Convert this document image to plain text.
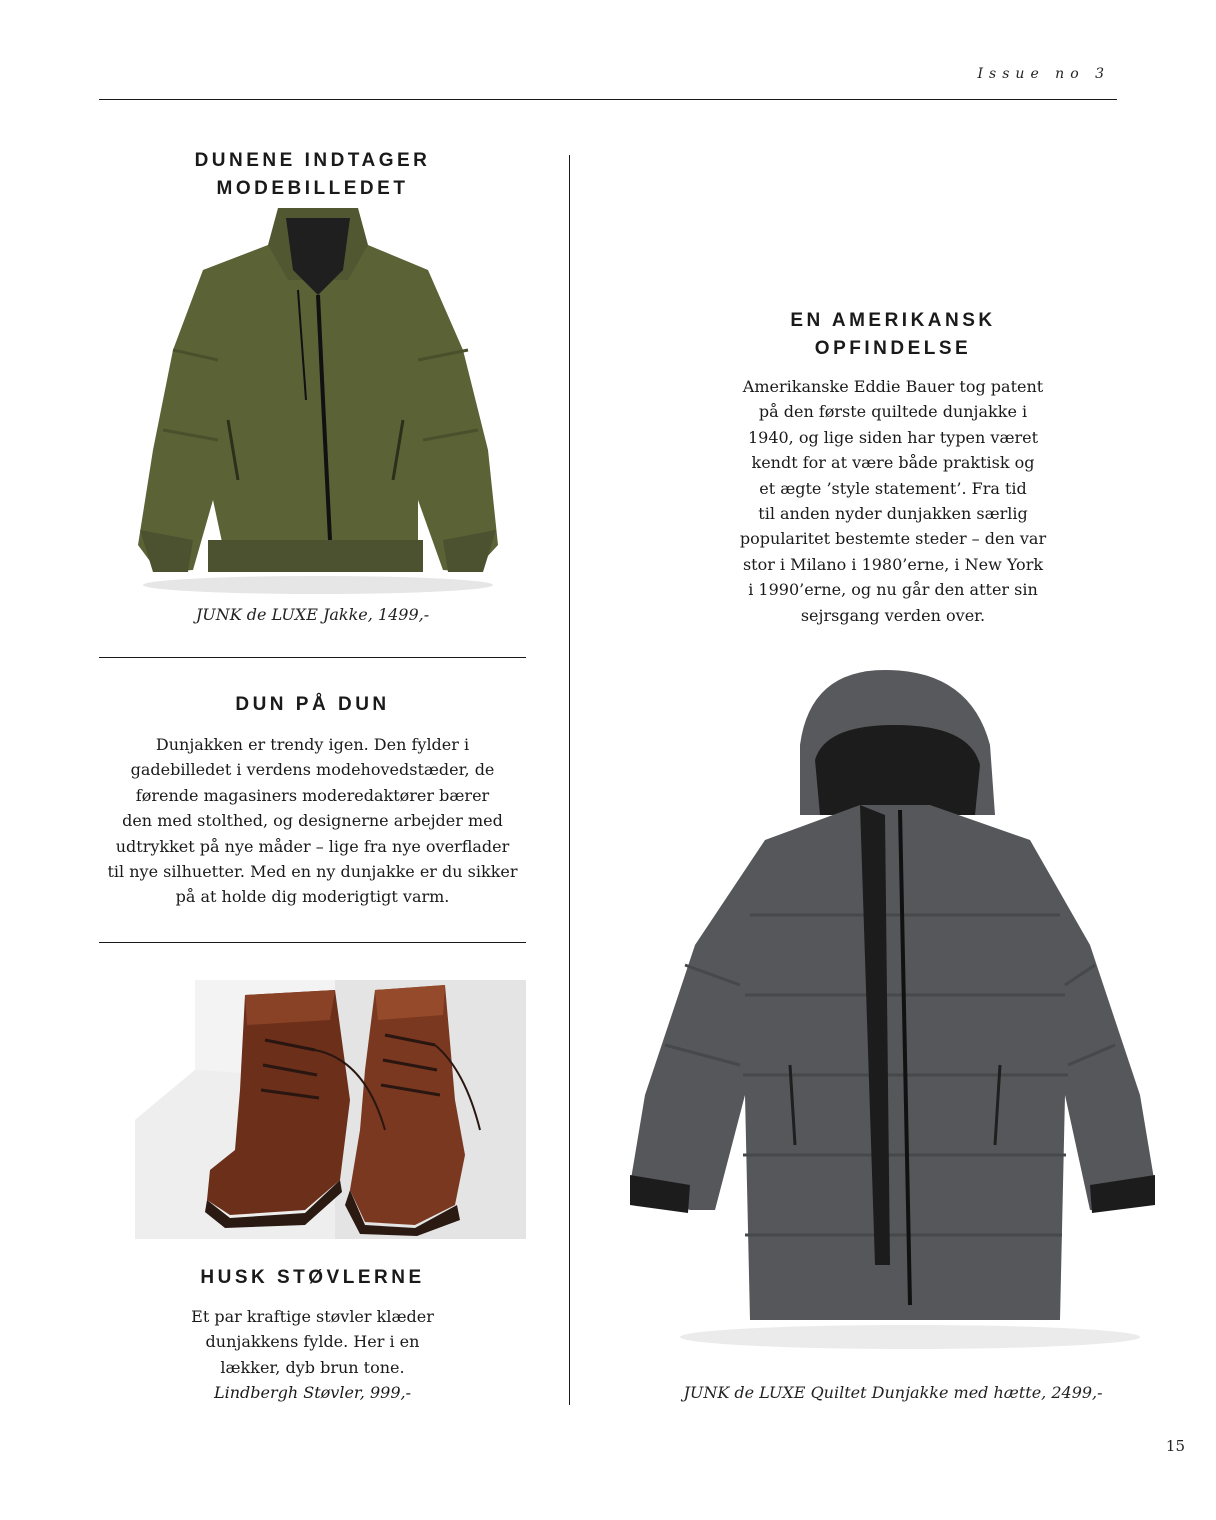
Issue no 3
DUNENE INDTAGER MODEBILLEDET
JUNK de LUXE Jakke, 1499,-
DUN PÅ DUN
Dunjakken er trendy igen. Den fylder i
gadebilledet i verdens modehovedstæder, de
førende magasiners moderedaktører bærer
den med stolthed, og designerne arbejder med
udtrykket på nye måder – lige fra nye overflader
til nye silhuetter. Med en ny dunjakke er du sikker
på at holde dig moderigtigt varm.
HUSK STØVLERNE
Et par kraftige støvler klæder
dunjakkens fylde. Her i en
lækker, dyb brun tone.
Lindbergh Støvler, 999,-
EN AMERIKANSK
OPFINDELSE
Amerikanske Eddie Bauer tog patent
på den første quiltede dunjakke i
1940, og lige siden har typen været
kendt for at være både praktisk og
et ægte ’style statement’. Fra tid
til anden nyder dunjakken særlig
popularitet bestemte steder – den var
stor i Milano i 1980’erne, i New York
i 1990’erne, og nu går den atter sin
sejrsgang verden over.
JUNK de LUXE Quiltet Dunjakke med hætte, 2499,-
15
